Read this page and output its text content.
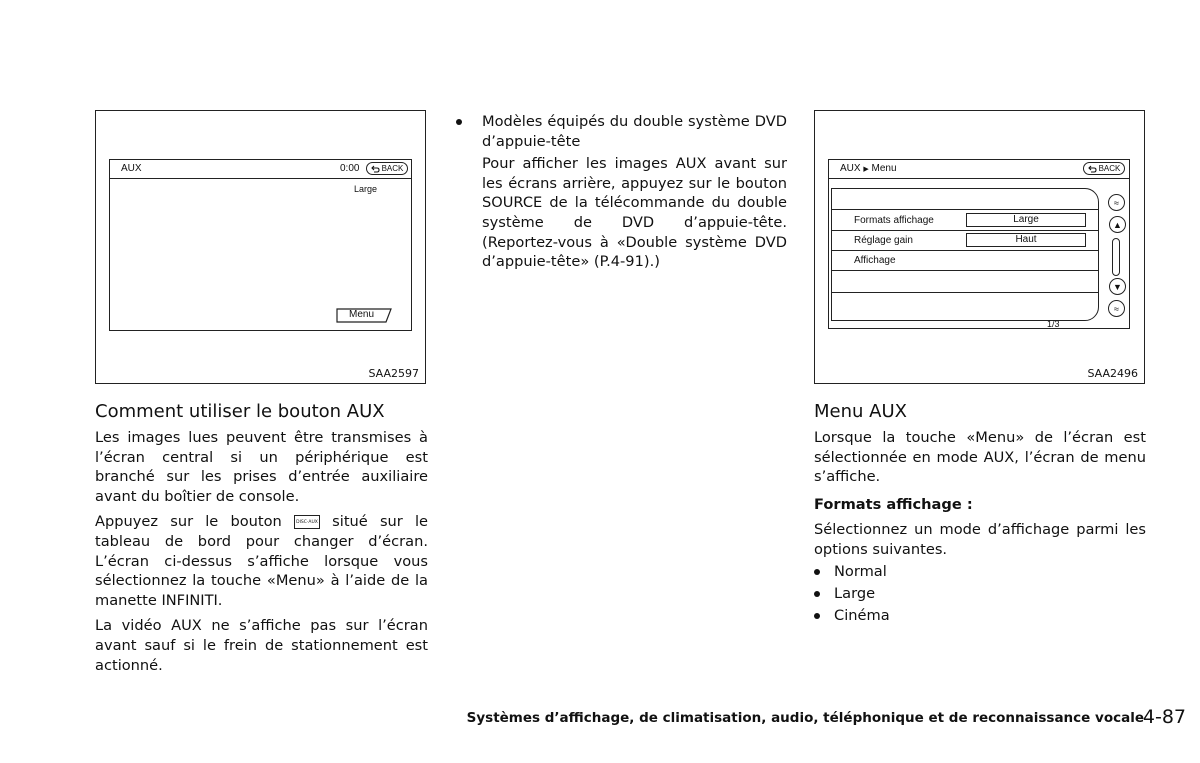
AUX	0:00	BACK
Large
Menu
SAA2597
Comment utiliser le bouton AUX

Les images lues peuvent être transmises à l’écran central si un périphérique est branché sur les prises d’entrée auxiliaire avant du boîtier de console.

Appuyez sur le bouton	DISC·AUX situé sur le tableau de bord pour changer d’écran. L’écran ci-dessus s’affiche lorsque vous sélectionnez la touche «Menu» à l’aide de la manette INFINITI.

La vidéo AUX ne s’affiche pas sur l’écran avant sauf si le frein de stationnement est actionné.

Modèles équipés du double système DVD d’appuie-tête

Pour afficher les images AUX avant sur les écrans arrière, appuyez sur le bouton SOURCE de la télécommande du double système de DVD d’appuie-tête. (Reportez-vous à «Double système DVD d’appuie-tête» (P.4-91).)

AUX ▶ Menu	BACK
Formats affichage	Large
Réglage gain	Haut
Affichage
≈
▲
▼
≈
1/3
SAA2496
Menu AUX

Lorsque la touche «Menu» de l’écran est sélectionnée en mode AUX, l’écran de menu s’affiche.

Formats affichage :

Sélectionnez un mode d’affichage parmi les options suivantes.

Normal
Large
Cinéma
Systèmes d’affichage, de climatisation, audio, téléphonique et de reconnaissance vocale
4-87
